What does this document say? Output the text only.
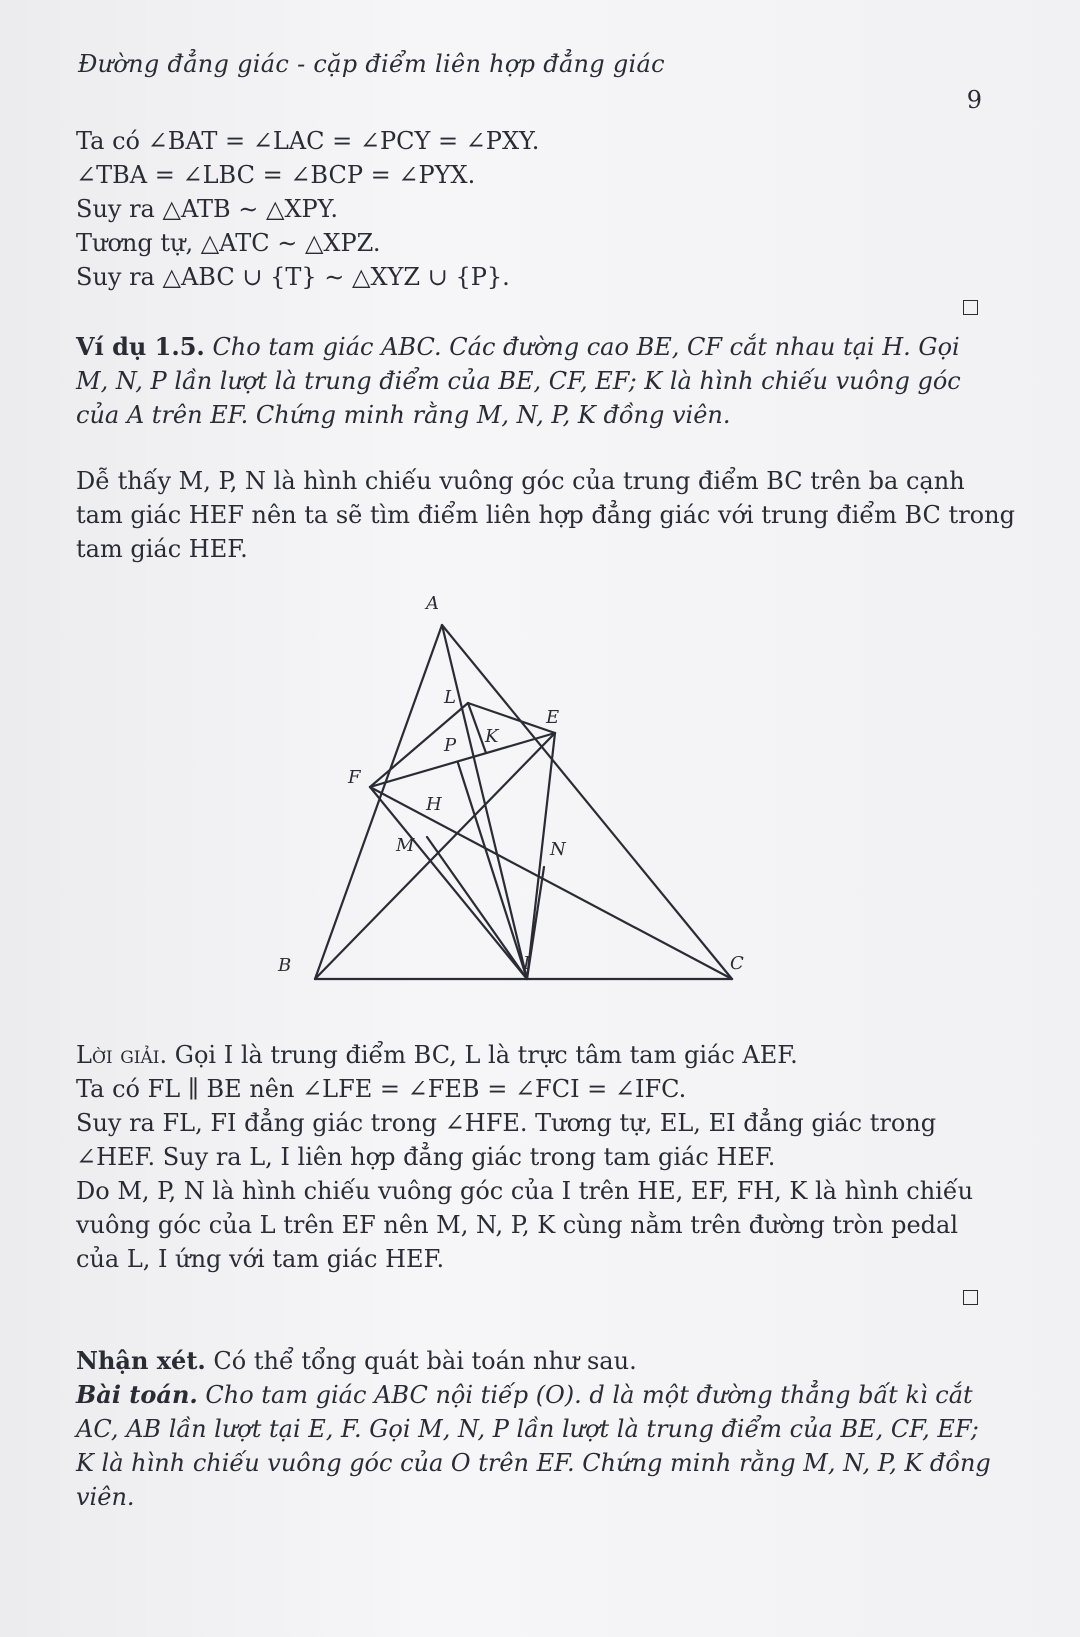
Đường đẳng giác - cặp điểm liên hợp đẳng giác
9
Ta có ∠BAT = ∠LAC = ∠PCY = ∠PXY.
∠TBA = ∠LBC = ∠BCP = ∠PYX.
Suy ra △ATB ∼ △XPY.
Tương tự, △ATC ∼ △XPZ.
Suy ra △ABC ∪ {T} ∼ △XYZ ∪ {P}.
Ví dụ 1.5. Cho tam giác ABC. Các đường cao BE, CF cắt nhau tại H. Gọi
M, N, P lần lượt là trung điểm của BE, CF, EF; K là hình chiếu vuông góc
của A trên EF. Chứng minh rằng M, N, P, K đồng viên.
Dễ thấy M, P, N là hình chiếu vuông góc của trung điểm BC trên ba cạnh
tam giác HEF nên ta sẽ tìm điểm liên hợp đẳng giác với trung điểm BC trong
tam giác HEF.
A
B	C
E
F
H
I
K
L
M	N
P
Lời giải. Gọi I là trung điểm BC, L là trực tâm tam giác AEF.
Ta có FL ∥ BE nên ∠LFE = ∠FEB = ∠FCI = ∠IFC.
Suy ra FL, FI đẳng giác trong ∠HFE. Tương tự, EL, EI đẳng giác trong
∠HEF. Suy ra L, I liên hợp đẳng giác trong tam giác HEF.
Do M, P, N là hình chiếu vuông góc của I trên HE, EF, FH, K là hình chiếu
vuông góc của L trên EF nên M, N, P, K cùng nằm trên đường tròn pedal
của L, I ứng với tam giác HEF.
Nhận xét. Có thể tổng quát bài toán như sau.
Bài toán. Cho tam giác ABC nội tiếp (O). d là một đường thẳng bất kì cắt
AC, AB lần lượt tại E, F. Gọi M, N, P lần lượt là trung điểm của BE, CF, EF;
K là hình chiếu vuông góc của O trên EF. Chứng minh rằng M, N, P, K đồng
viên.
